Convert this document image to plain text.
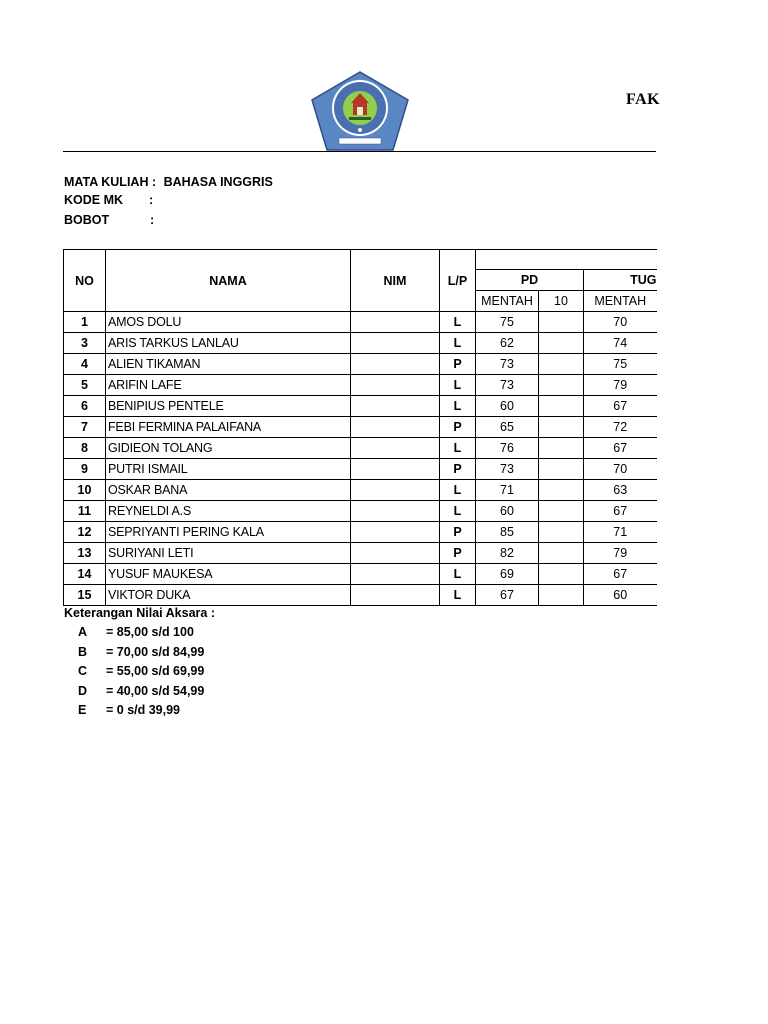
FAK
MATA KULIAH : BAHASA INGGRIS
KODE MK :
BOBOT	:
NO	NAMA	NIM	L/P			
				PD		TUG
				MENTAH	10	MENTAH
1	AMOS DOLU		L	75		70
3	ARIS TARKUS LANLAU		L	62		74
4	ALIEN TIKAMAN		P	73		75
5	ARIFIN LAFE		L	73		79
6	BENIPIUS PENTELE		L	60		67
7	FEBI FERMINA PALAIFANA		P	65		72
8	GIDIEON TOLANG		L	76		67
9	PUTRI ISMAIL		P	73		70
10	OSKAR BANA		L	71		63
11	REYNELDI A.S		L	60		67
12	SEPRIYANTI PERING KALA		P	85		71
13	SURIYANI LETI		P	82		79
14	YUSUF MAUKESA		L	69		67
15	VIKTOR DUKA		L	67		60
Keterangan Nilai Aksara :
A = 85,00 s/d 100
B = 70,00 s/d 84,99
C = 55,00 s/d 69,99
D = 40,00 s/d 54,99
E = 0 s/d 39,99
